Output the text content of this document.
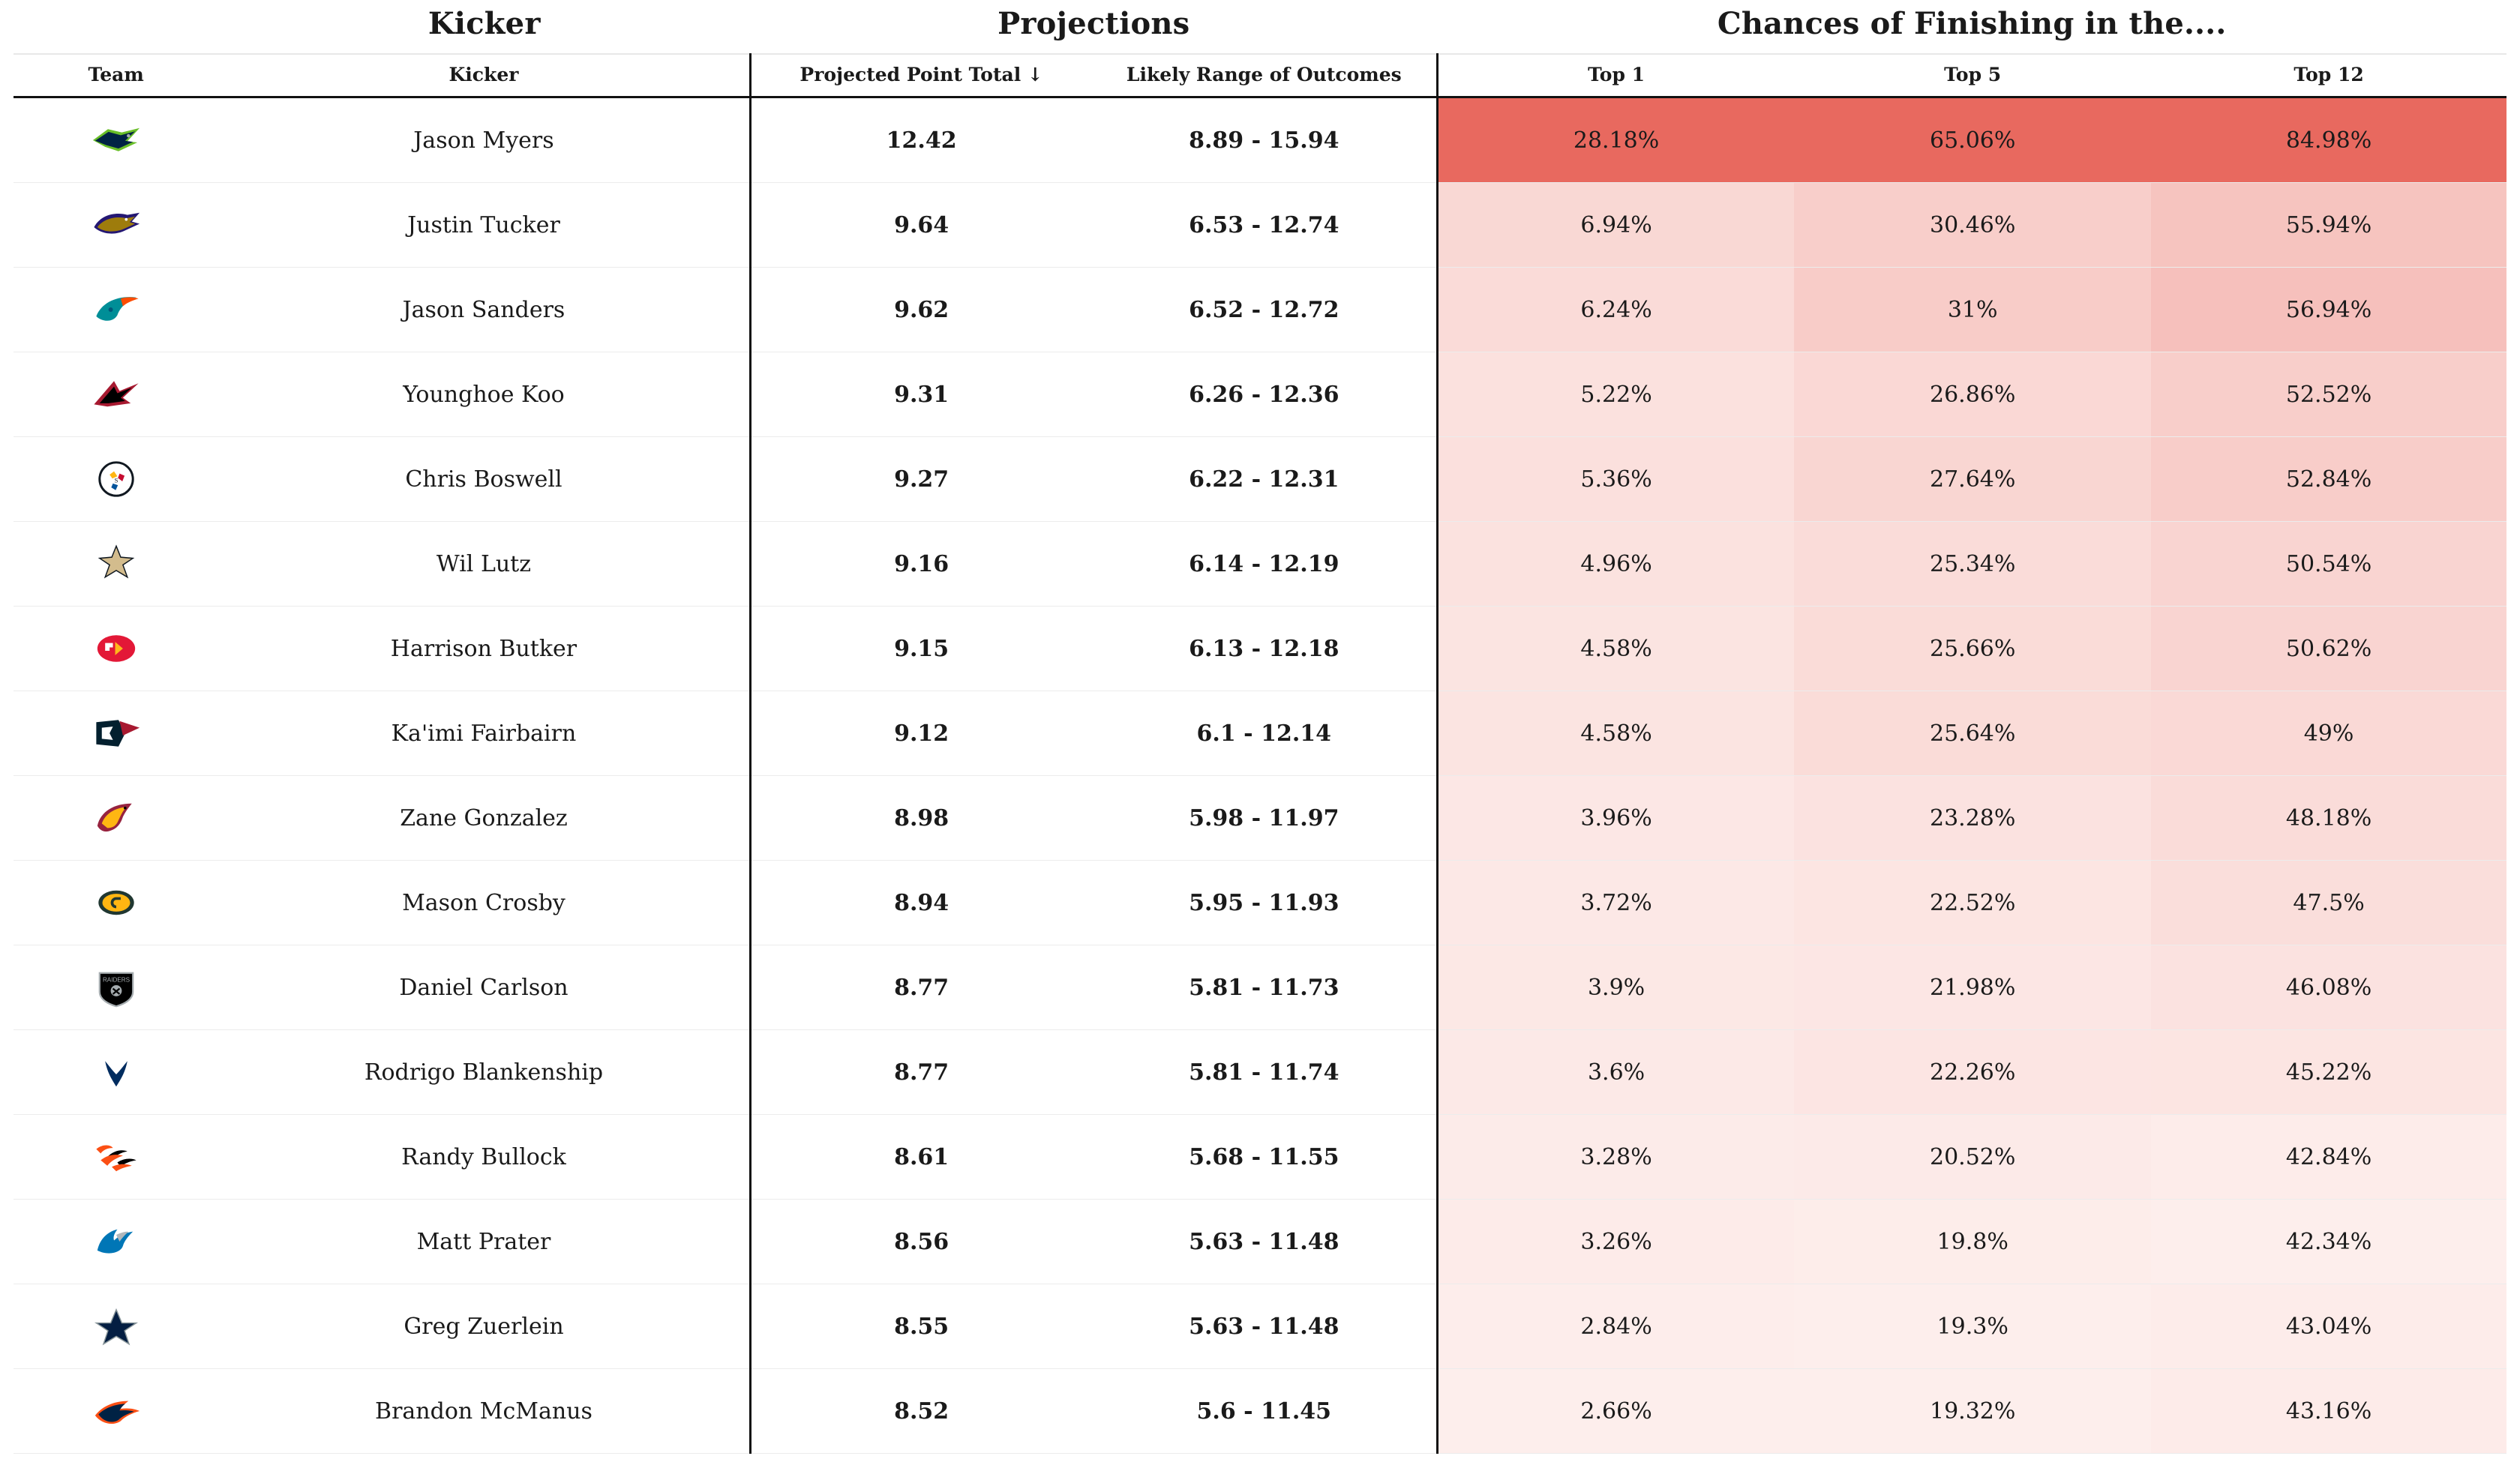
	Kicker	Projections		Chances of Finishing in the....		
Team	Kicker	Projected Point Total ↓	Likely Range of Outcomes	Top 1	Top 5	Top 12

	Jason Myers	12.42	8.89 - 15.94	28.18%	65.06%	84.98%

	Justin Tucker	9.64	6.53 - 12.74	6.94%	30.46%	55.94%

	Jason Sanders	9.62	6.52 - 12.72	6.24%	31%	56.94%

	Younghoe Koo	9.31	6.26 - 12.36	5.22%	26.86%	52.52%

S	Chris Boswell	9.27	6.22 - 12.31	5.36%	27.64%	52.84%

	Wil Lutz	9.16	6.14 - 12.19	4.96%	25.34%	50.54%

	Harrison Butker	9.15	6.13 - 12.18	4.58%	25.66%	50.62%

	Ka'imi Fairbairn	9.12	6.1 - 12.14	4.58%	25.64%	49%

	Zane Gonzalez	8.98	5.98 - 11.97	3.96%	23.28%	48.18%

	Mason Crosby	8.94	5.95 - 11.93	3.72%	22.52%	47.5%

RAIDERS	Daniel Carlson	8.77	5.81 - 11.73	3.9%	21.98%	46.08%

	Rodrigo Blankenship	8.77	5.81 - 11.74	3.6%	22.26%	45.22%

	Randy Bullock	8.61	5.68 - 11.55	3.28%	20.52%	42.84%

	Matt Prater	8.56	5.63 - 11.48	3.26%	19.8%	42.34%

	Greg Zuerlein	8.55	5.63 - 11.48	2.84%	19.3%	43.04%

	Brandon McManus	8.52	5.6 - 11.45	2.66%	19.32%	43.16%
